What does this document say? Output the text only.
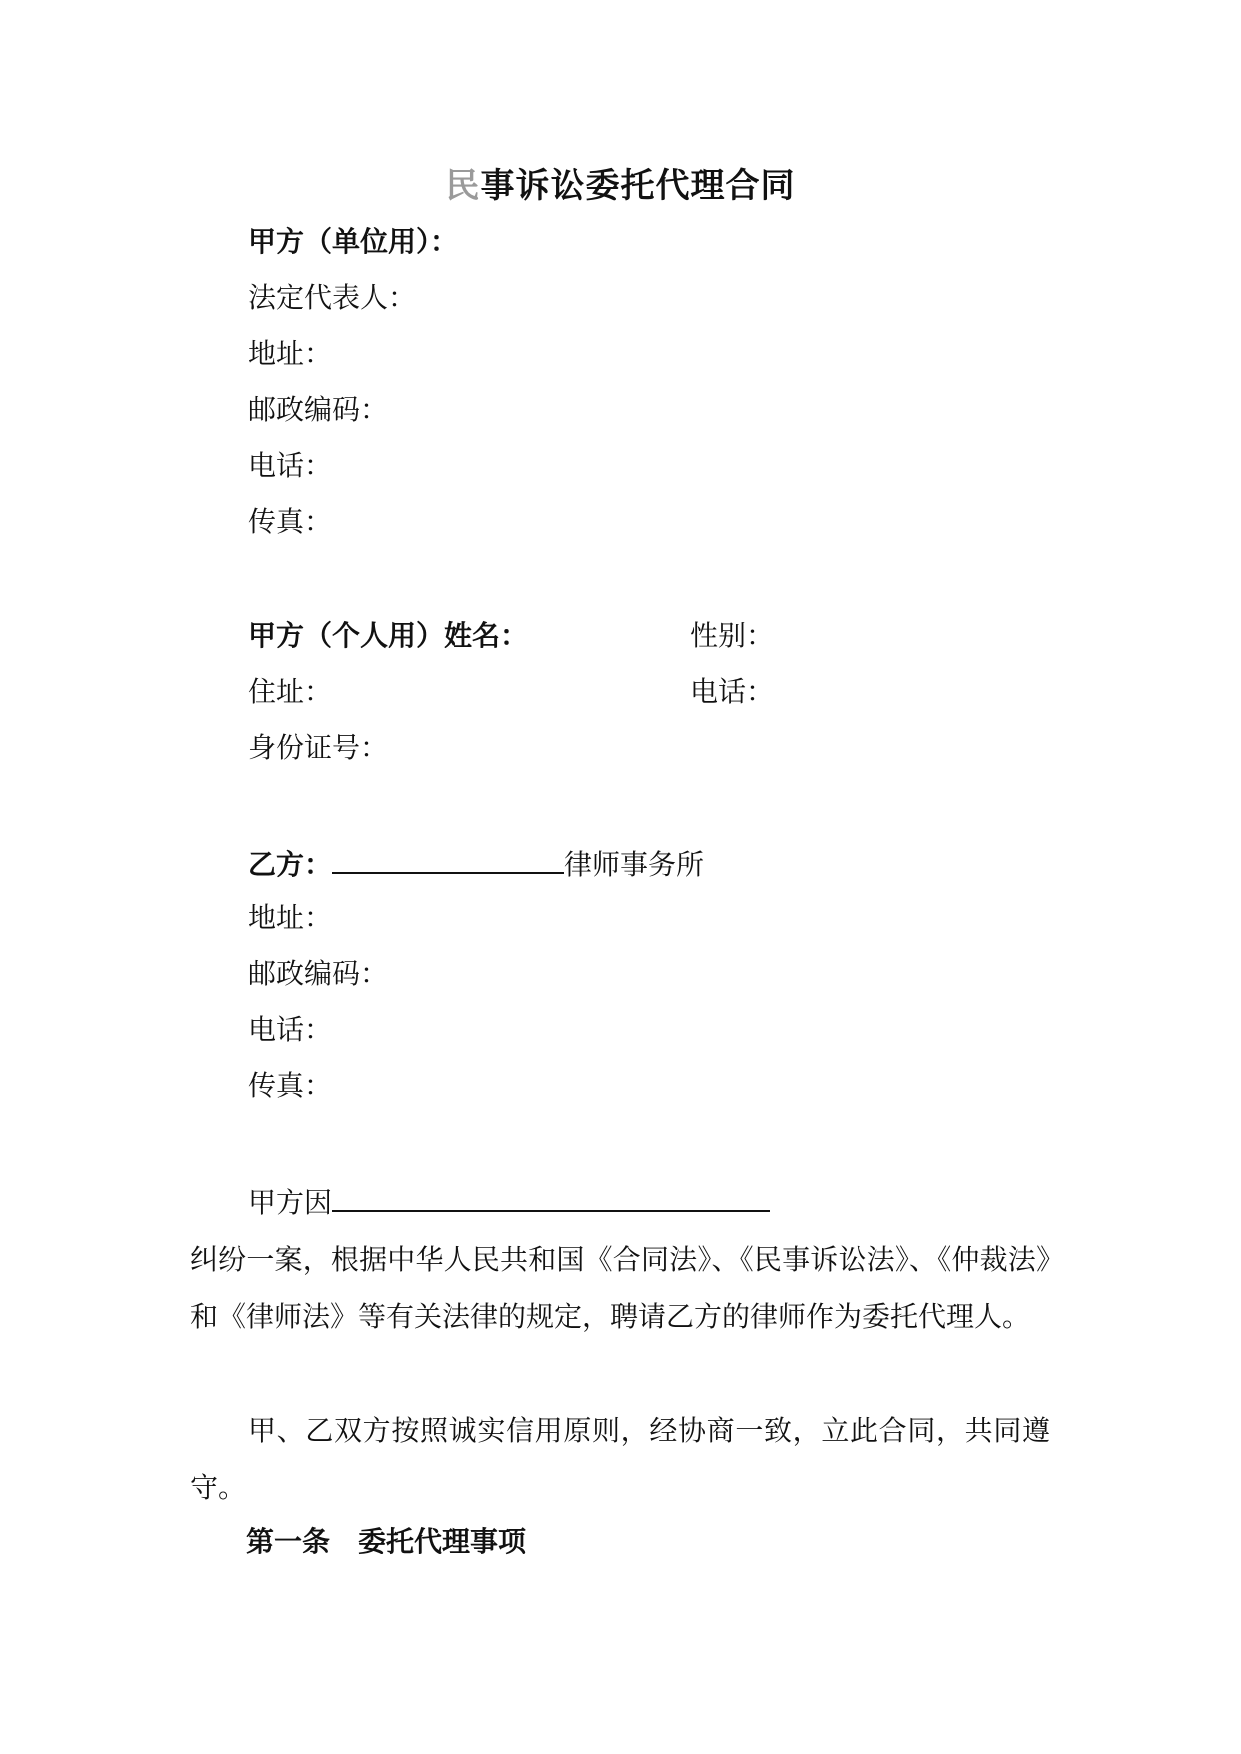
民事诉讼委托代理合同
甲方（单位用）：
法定代表人：
地址：
邮政编码：
电话：
传真：
甲方（个人用）姓名：	性别：
住址：	电话：
身份证号：
乙方：	律师事务所
地址：
邮政编码：
电话：
传真：
甲方因
纠纷一案，根据中华人民共和国《合同法》、《民事诉讼法》、《仲裁法》和《律师法》等有关法律的规定，聘请乙方的律师作为委托代理人。
甲、乙双方按照诚实信用原则，经协商一致，立此合同，共同遵守。
第一条　委托代理事项
